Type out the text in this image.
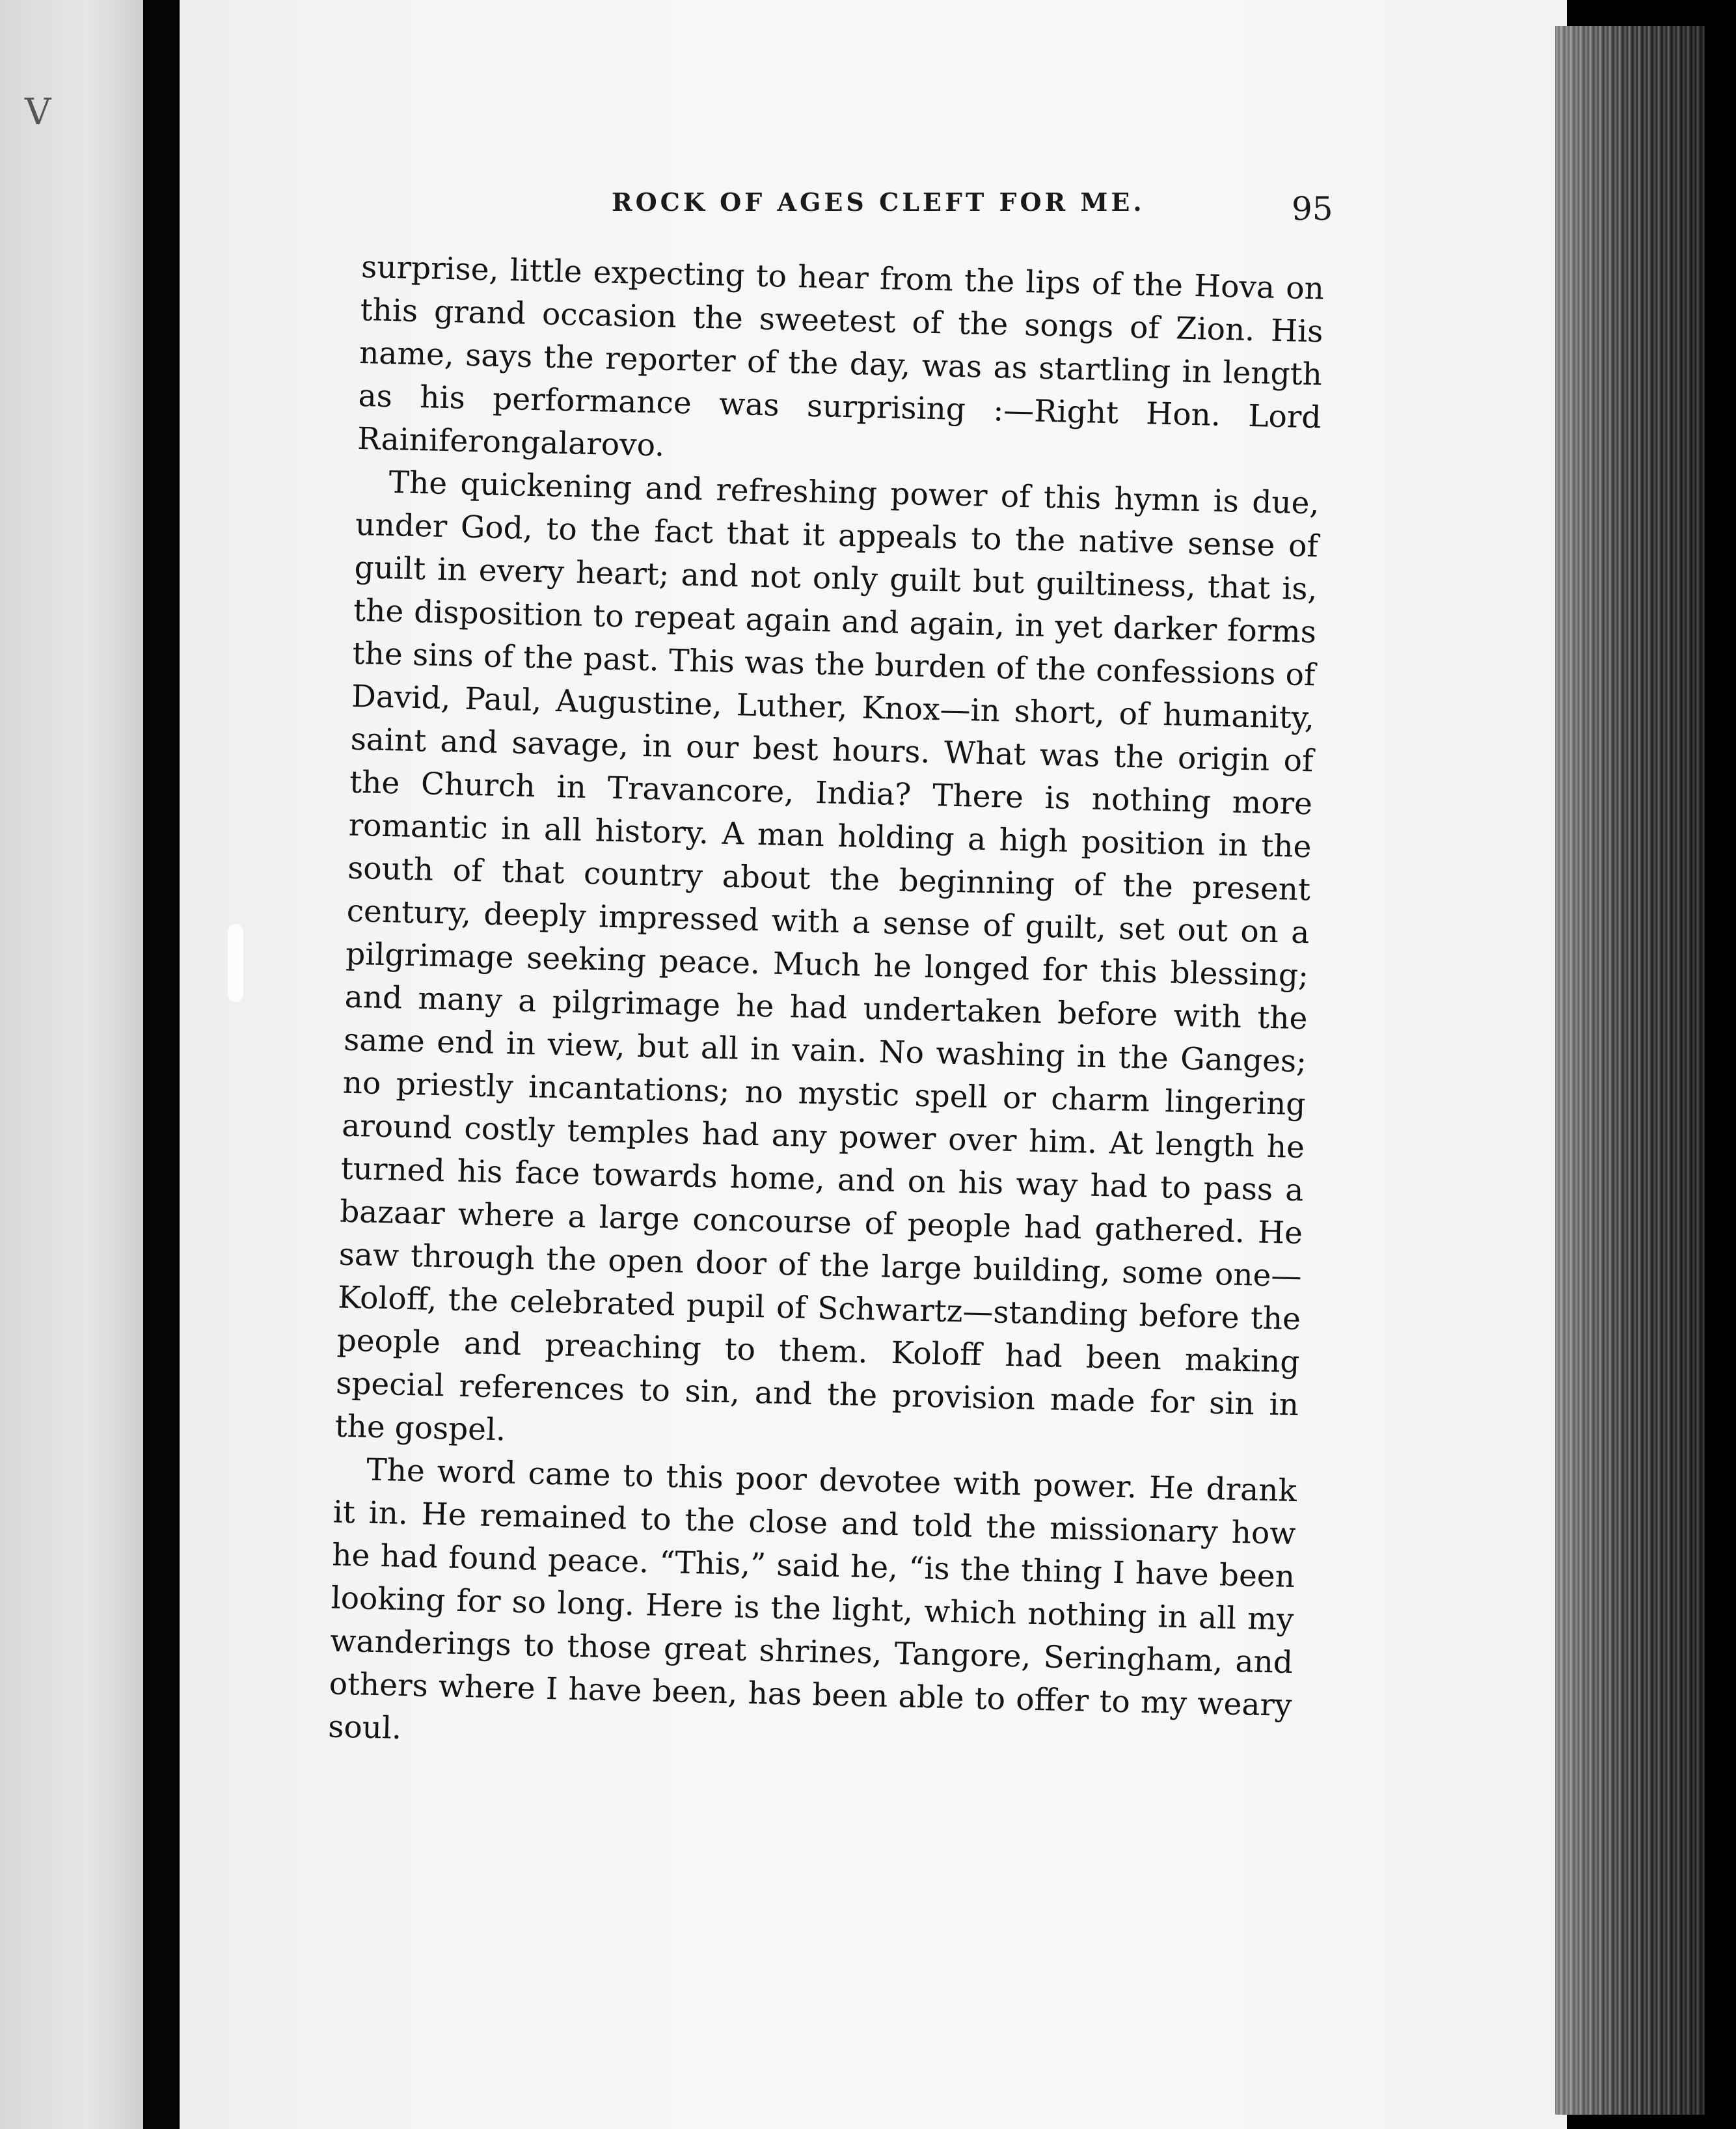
V
ROCK OF AGES CLEFT FOR ME.	95

surprise, little expecting to hear from the lips of the Hova on this grand occasion the sweetest of the songs of Zion. His name, says the reporter of the day, was as startling in length as his performance was surprising :—Right Hon. Lord Rainiferongalarovo.

The quickening and refreshing power of this hymn is due, under God, to the fact that it appeals to the native sense of guilt in every heart; and not only guilt but guiltiness, that is, the disposition to repeat again and again, in yet darker forms the sins of the past. This was the burden of the confessions of David, Paul, Augustine, Luther, Knox—in short, of humanity, saint and savage, in our best hours. What was the origin of the Church in Travancore, India? There is nothing more romantic in all history. A man holding a high position in the south of that country about the beginning of the present century, deeply impressed with a sense of guilt, set out on a pilgrimage seeking peace. Much he longed for this blessing; and many a pilgrimage he had undertaken before with the same end in view, but all in vain. No washing in the Ganges; no priestly incantations; no mystic spell or charm lingering around costly temples had any power over him. At length he turned his face towards home, and on his way had to pass a bazaar where a large concourse of people had gathered. He saw through the open door of the large building, some one—Koloff, the celebrated pupil of Schwartz—standing before the people and preaching to them. Koloff had been making special references to sin, and the provision made for sin in the gospel.

The word came to this poor devotee with power. He drank it in. He remained to the close and told the missionary how he had found peace. “This,” said he, “is the thing I have been looking for so long. Here is the light, which nothing in all my wanderings to those great shrines, Tangore, Seringham, and others where I have been, has been able to offer to my weary soul.
